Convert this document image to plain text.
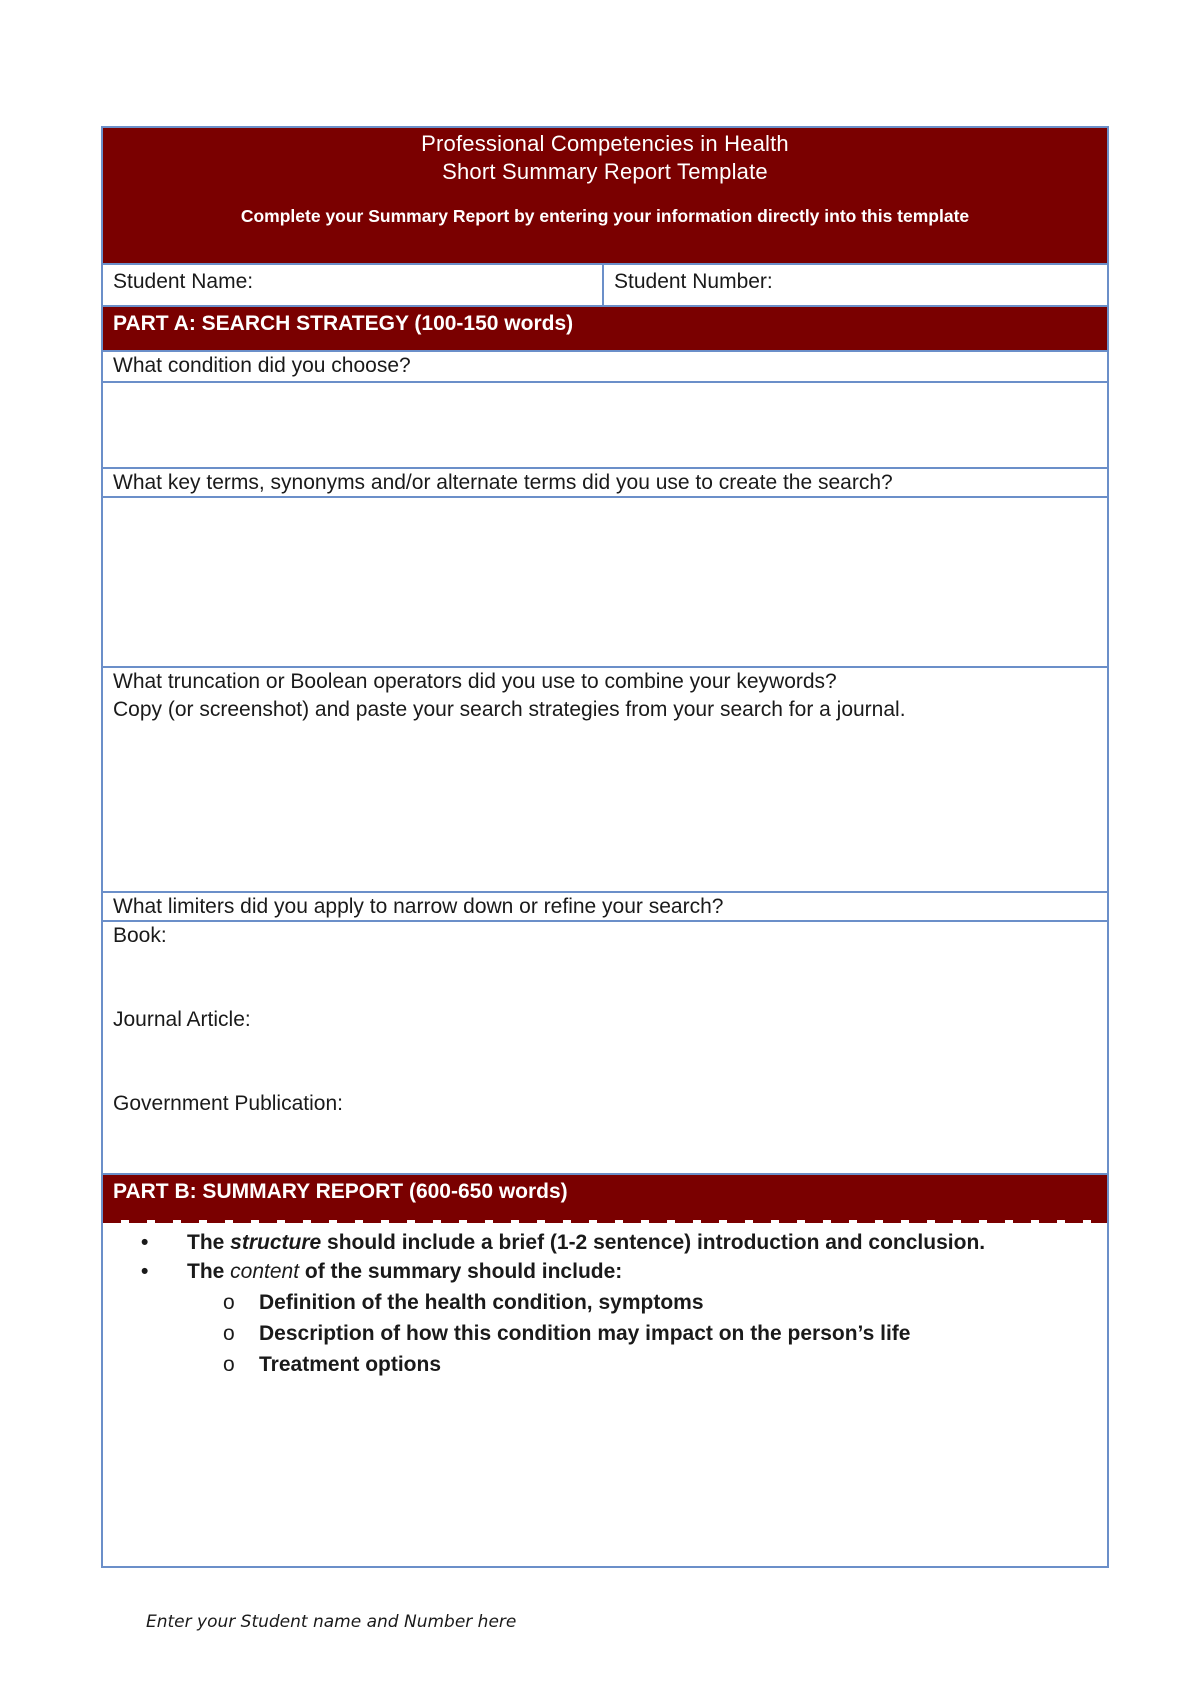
Professional Competencies in Health
Short Summary Report Template
Complete your Summary Report by entering your information directly into this template
Student Name:	Student Number:
PART A: SEARCH STRATEGY (100-150 words)
What condition did you choose?
What key terms, synonyms and/or alternate terms did you use to create the search?
What truncation or Boolean operators did you use to combine your keywords?
Copy (or screenshot) and paste your search strategies from your search for a journal.
What limiters did you apply to narrow down or refine your search?
Book:
Journal Article:
Government Publication:
PART B: SUMMARY REPORT (600-650 words)
• The structure should include a brief (1-2 sentence) introduction and conclusion.
• The content of the summary should include:
o Definition of the health condition, symptoms
o Description of how this condition may impact on the person’s life
o Treatment options
Enter your Student name and Number here
